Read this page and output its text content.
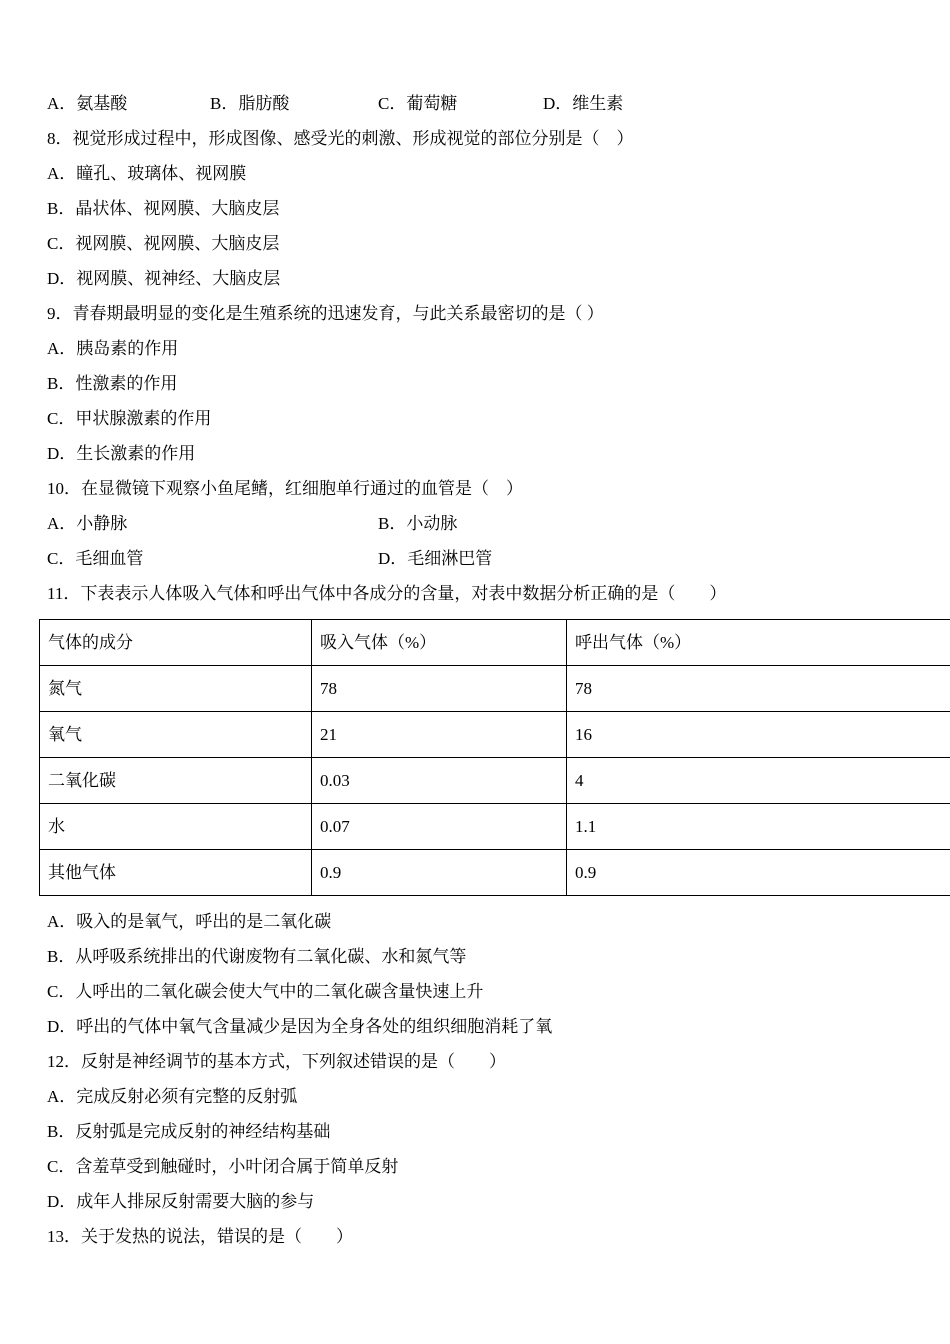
A．氨基酸	B．脂肪酸	C．葡萄糖	D．维生素

8．视觉形成过程中，形成图像、感受光的刺激、形成视觉的部位分别是（　）

A．瞳孔、玻璃体、视网膜

B．晶状体、视网膜、大脑皮层

C．视网膜、视网膜、大脑皮层

D．视网膜、视神经、大脑皮层

9．青春期最明显的变化是生殖系统的迅速发育，与此关系最密切的是（ ）

A．胰岛素的作用

B．性激素的作用

C．甲状腺激素的作用

D．生长激素的作用

10．在显微镜下观察小鱼尾鳍，红细胞单行通过的血管是（　）

A．小静脉	B．小动脉
C．毛细血管	D．毛细淋巴管

11．下表表示人体吸入气体和呼出气体中各成分的含量，对表中数据分析正确的是（　　）

气体的成分	吸入气体（%）	呼出气体（%）
氮气	78	78
氧气	21	16
二氧化碳	0.03	4
水	0.07	1.1
其他气体	0.9	0.9

A．吸入的是氧气，呼出的是二氧化碳

B．从呼吸系统排出的代谢废物有二氧化碳、水和氮气等

C．人呼出的二氧化碳会使大气中的二氧化碳含量快速上升

D．呼出的气体中氧气含量减少是因为全身各处的组织细胞消耗了氧

12．反射是神经调节的基本方式，下列叙述错误的是（　　）

A．完成反射必须有完整的反射弧

B．反射弧是完成反射的神经结构基础

C．含羞草受到触碰时，小叶闭合属于简单反射

D．成年人排尿反射需要大脑的参与

13．关于发热的说法，错误的是（　　）
